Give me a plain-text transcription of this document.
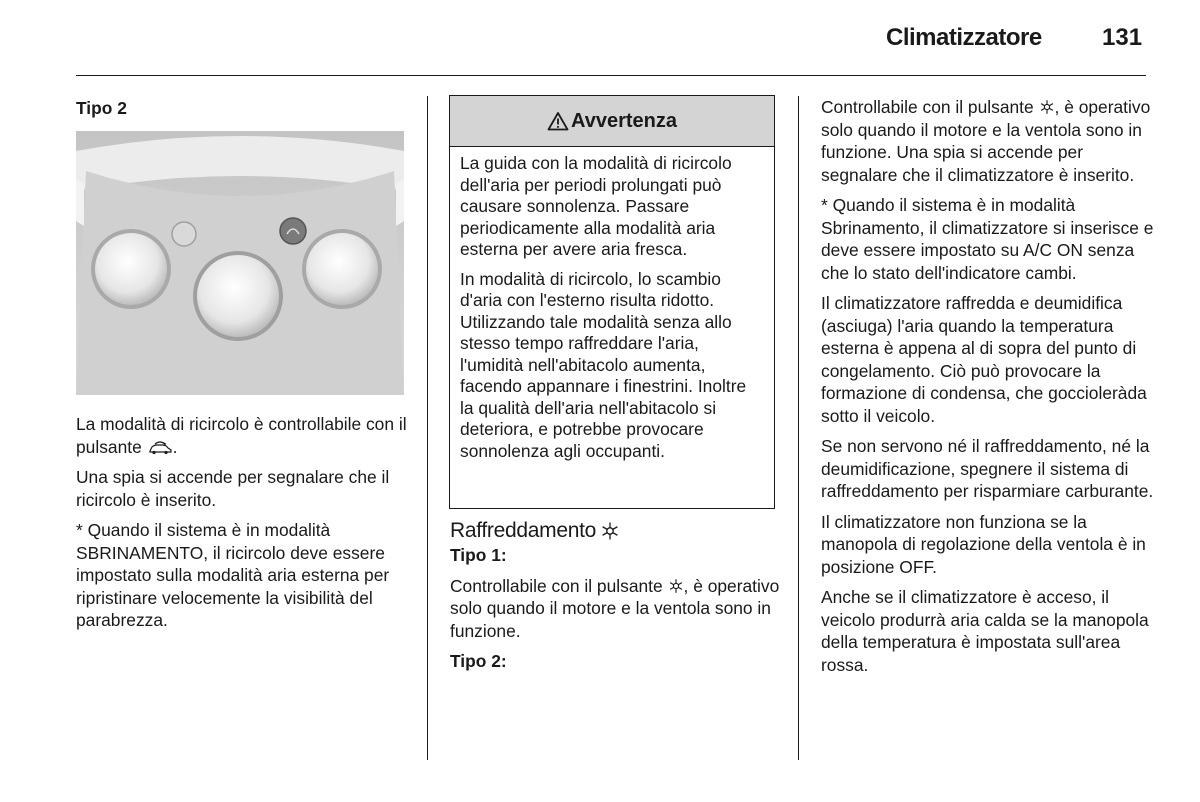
Climatizzatore	131

Tipo 2

La modalità di ricircolo è controllabile con il pulsante .

Una spia si accende per segnalare che il ricircolo è inserito.

* Quando il sistema è in modalità SBRINAMENTO, il ricircolo deve essere impostato sulla modalità aria esterna per ripristinare velocemente la visibilità del parabrezza.

Avvertenza

La guida con la modalità di ricircolo dell'aria per periodi prolungati può causare sonnolenza. Passare periodicamente alla modalità aria esterna per avere aria fresca.

In modalità di ricircolo, lo scambio d'aria con l'esterno risulta ridotto. Utilizzando tale modalità senza allo stesso tempo raffreddare l'aria, l'umidità nell'abitacolo aumenta, facendo appannare i finestrini. Inoltre la qualità dell'aria nell'abitacolo si deteriora, e potrebbe provocare sonnolenza agli occupanti.

Raffreddamento

Tipo 1:

Controllabile con il pulsante , è operativo solo quando il motore e la ventola sono in funzione.

Tipo 2:

Controllabile con il pulsante , è operativo solo quando il motore e la ventola sono in funzione. Una spia si accende per segnalare che il climatizzatore è inserito.

* Quando il sistema è in modalità Sbrinamento, il climatizzatore si inserisce e deve essere impostato su A/C ON senza che lo stato dell'indicatore cambi.

Il climatizzatore raffredda e deumidifica (asciuga) l'aria quando la temperatura esterna è appena al di sopra del punto di congelamento. Ciò può provocare la formazione di condensa, che goccioleràda sotto il veicolo.

Se non servono né il raffreddamento, né la deumidificazione, spegnere il sistema di raffreddamento per risparmiare carburante.

Il climatizzatore non funziona se la manopola di regolazione della ventola è in posizione OFF.

Anche se il climatizzatore è acceso, il veicolo produrrà aria calda se la manopola della temperatura è impostata sull'area rossa.
